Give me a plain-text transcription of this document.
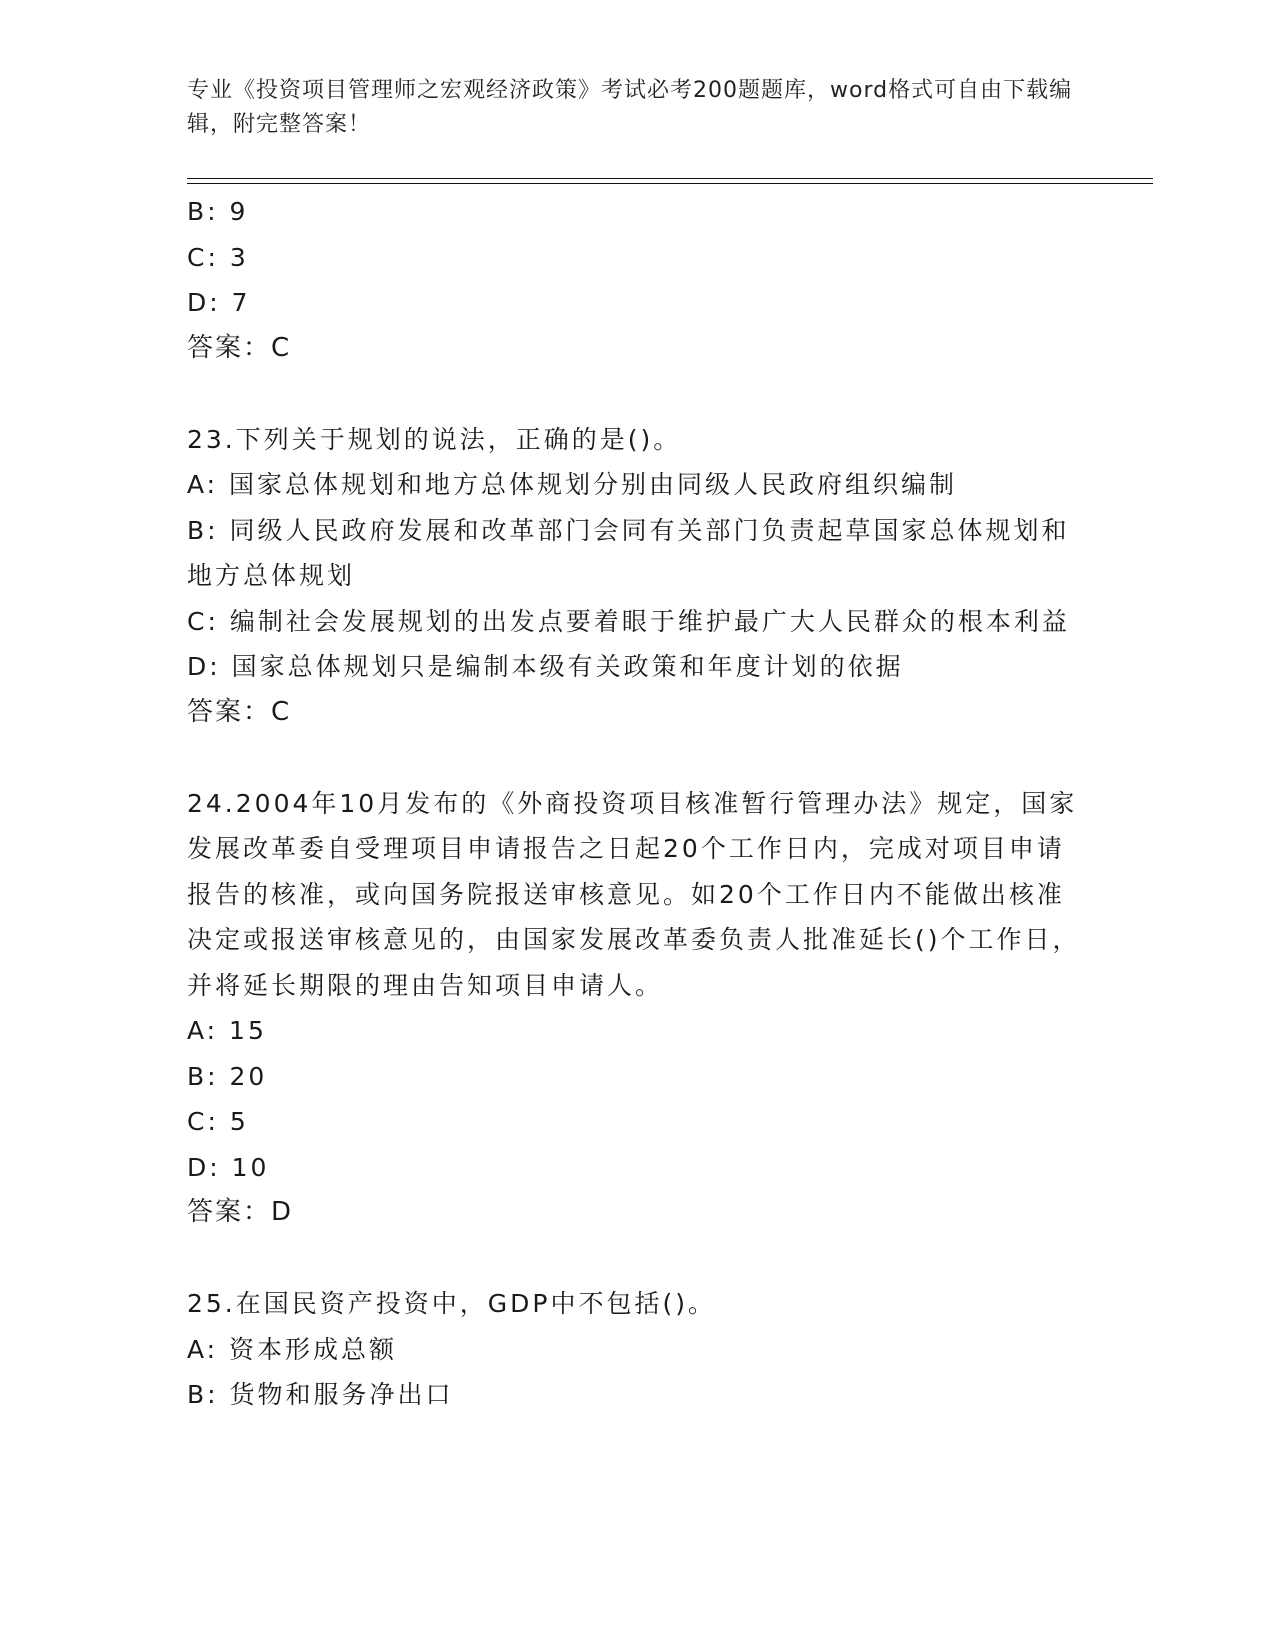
专业《投资项目管理师之宏观经济政策》考试必考200题题库，word格式可自由下载编辑，附完整答案！

B: 9

C: 3

D: 7

答案：C

23.下列关于规划的说法，正确的是()。

A: 国家总体规划和地方总体规划分别由同级人民政府组织编制

B: 同级人民政府发展和改革部门会同有关部门负责起草国家总体规划和地方总体规划

C: 编制社会发展规划的出发点要着眼于维护最广大人民群众的根本利益

D: 国家总体规划只是编制本级有关政策和年度计划的依据

答案：C

24.2004年10月发布的《外商投资项目核准暂行管理办法》规定，国家发展改革委自受理项目申请报告之日起20个工作日内，完成对项目申请报告的核准，或向国务院报送审核意见。如20个工作日内不能做出核准决定或报送审核意见的，由国家发展改革委负责人批准延长()个工作日，并将延长期限的理由告知项目申请人。

A: 15

B: 20

C: 5

D: 10

答案：D

25.在国民资产投资中，GDP中不包括()。

A: 资本形成总额

B: 货物和服务净出口
